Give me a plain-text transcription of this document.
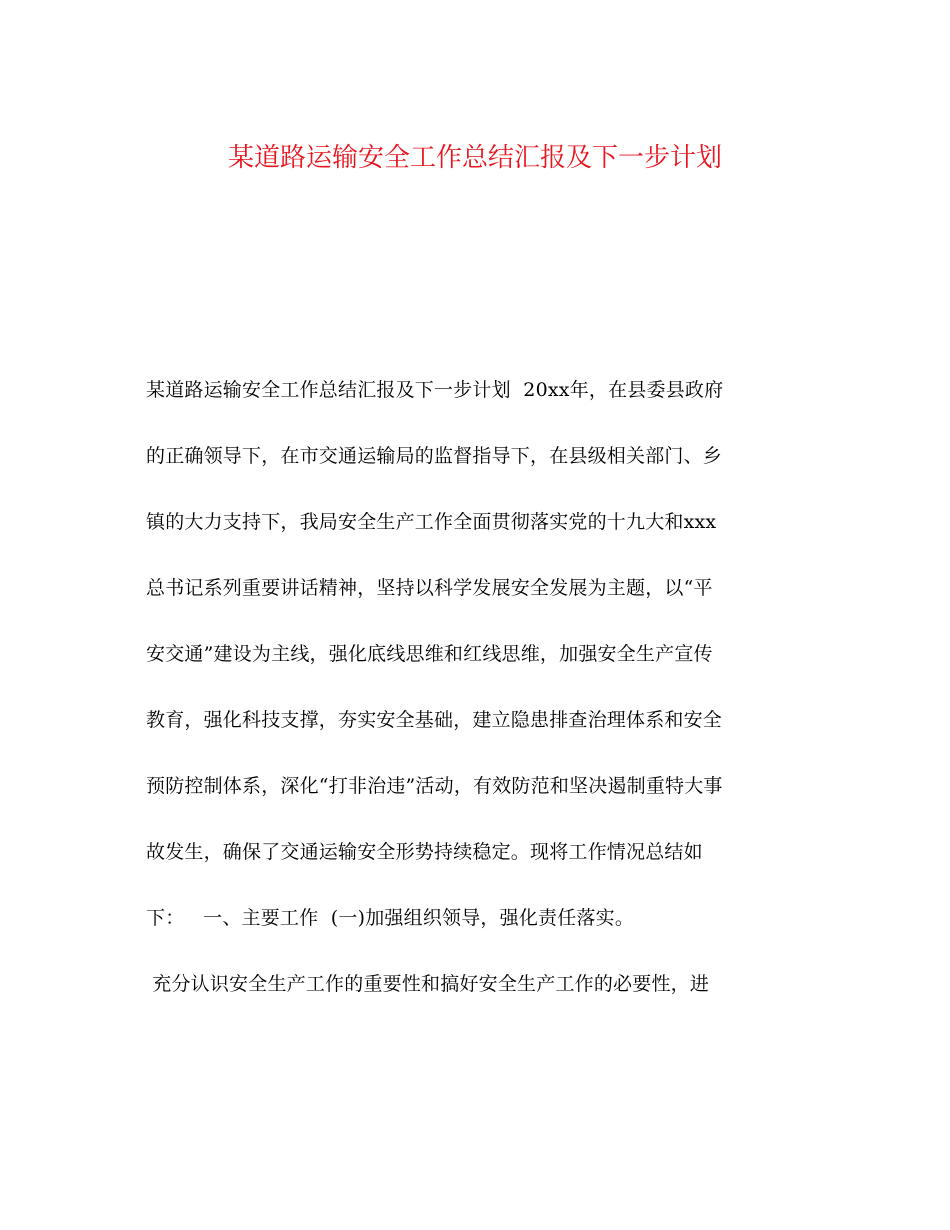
某道路运输安全工作总结汇报及下一步计划
某道路运输安全工作总结汇报及下一步计划  20xx年，在县委县政府
的正确领导下，在市交通运输局的监督指导下，在县级相关部门、乡
镇的大力支持下，我局安全生产工作全面贯彻落实党的十九大和xxx
总书记系列重要讲话精神，坚持以科学发展安全发展为主题，以“平
安交通”建设为主线，强化底线思维和红线思维，加强安全生产宣传
教育，强化科技支撑，夯实安全基础，建立隐患排查治理体系和安全
预防控制体系，深化“打非治违”活动，有效防范和坚决遏制重特大事
故发生，确保了交通运输安全形势持续稳定。现将工作情况总结如
下：   一、主要工作  (一)加强组织领导，强化责任落实。
充分认识安全生产工作的重要性和搞好安全生产工作的必要性，进
